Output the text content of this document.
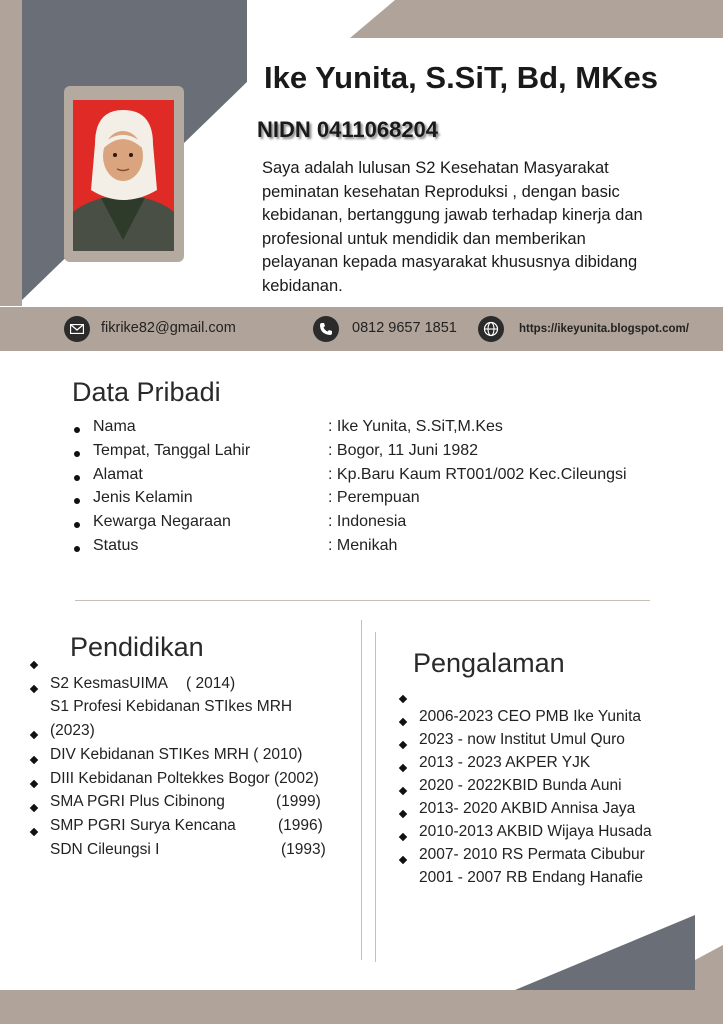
Ike Yunita, S.SiT, Bd, MKes
NIDN 0411068204
Saya adalah lulusan S2 Kesehatan Masyarakat peminatan kesehatan Reproduksi , dengan basic kebidanan, bertanggung jawab terhadap kinerja dan profesional untuk mendidik dan memberikan pelayanan kepada masyarakat khususnya dibidang kebidanan.
fikrike82@gmail.com	0812 9657 1851	https://ikeyunita.blogspot.com/
Data Pribadi
Nama	: Ike Yunita, S.SiT,M.Kes
Tempat, Tanggal Lahir	: Bogor, 11 Juni 1982
Alamat	: Kp.Baru Kaum RT001/002 Kec.Cileungsi
Jenis Kelamin	: Perempuan
Kewarga Negaraan	: Indonesia
Status	: Menikah
Pendidikan
S2 KesmasUIMA ( 2014)
S1 Profesi Kebidanan STIkes MRH
(2023)
DIV Kebidanan STIKes MRH ( 2010)
DIII Kebidanan Poltekkes Bogor (2002)
SMA PGRI Plus Cibinong	(1999)
SMP PGRI Surya Kencana	(1996)
SDN Cileungsi I	(1993)
Pengalaman
2006-2023 CEO PMB Ike Yunita
2023 - now Institut Umul Quro
2013 - 2023 AKPER YJK
2020 - 2022KBID Bunda Auni
2013- 2020 AKBID Annisa Jaya
2010-2013 AKBID Wijaya Husada
2007- 2010 RS Permata Cibubur
2001 - 2007 RB Endang Hanafie
